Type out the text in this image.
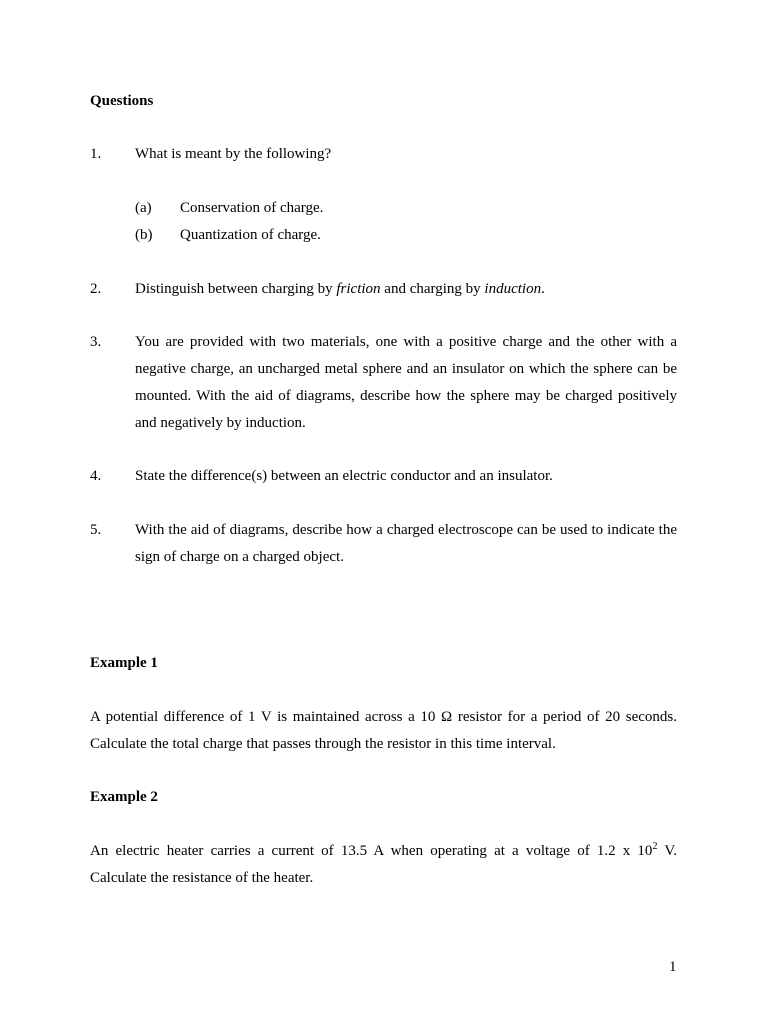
Questions
1. What is meant by the following?
(a) Conservation of charge.
(b) Quantization of charge.
2. Distinguish between charging by friction and charging by induction.
3. You are provided with two materials, one with a positive charge and the other with a
negative charge, an uncharged metal sphere and an insulator on which the sphere can be
mounted. With the aid of diagrams, describe how the sphere may be charged positively
and negatively by induction.
4. State the difference(s) between an electric conductor and an insulator.
5. With the aid of diagrams, describe how a charged electroscope can be used to indicate the
sign of charge on a charged object.
Example 1
A potential difference of 1 V is maintained across a 10 Ω resistor for a period of 20 seconds.
Calculate the total charge that passes through the resistor in this time interval.
Example 2
An electric heater carries a current of 13.5 A when operating at a voltage of 1.2 x $10^2$ V.
Calculate the resistance of the heater.
1
